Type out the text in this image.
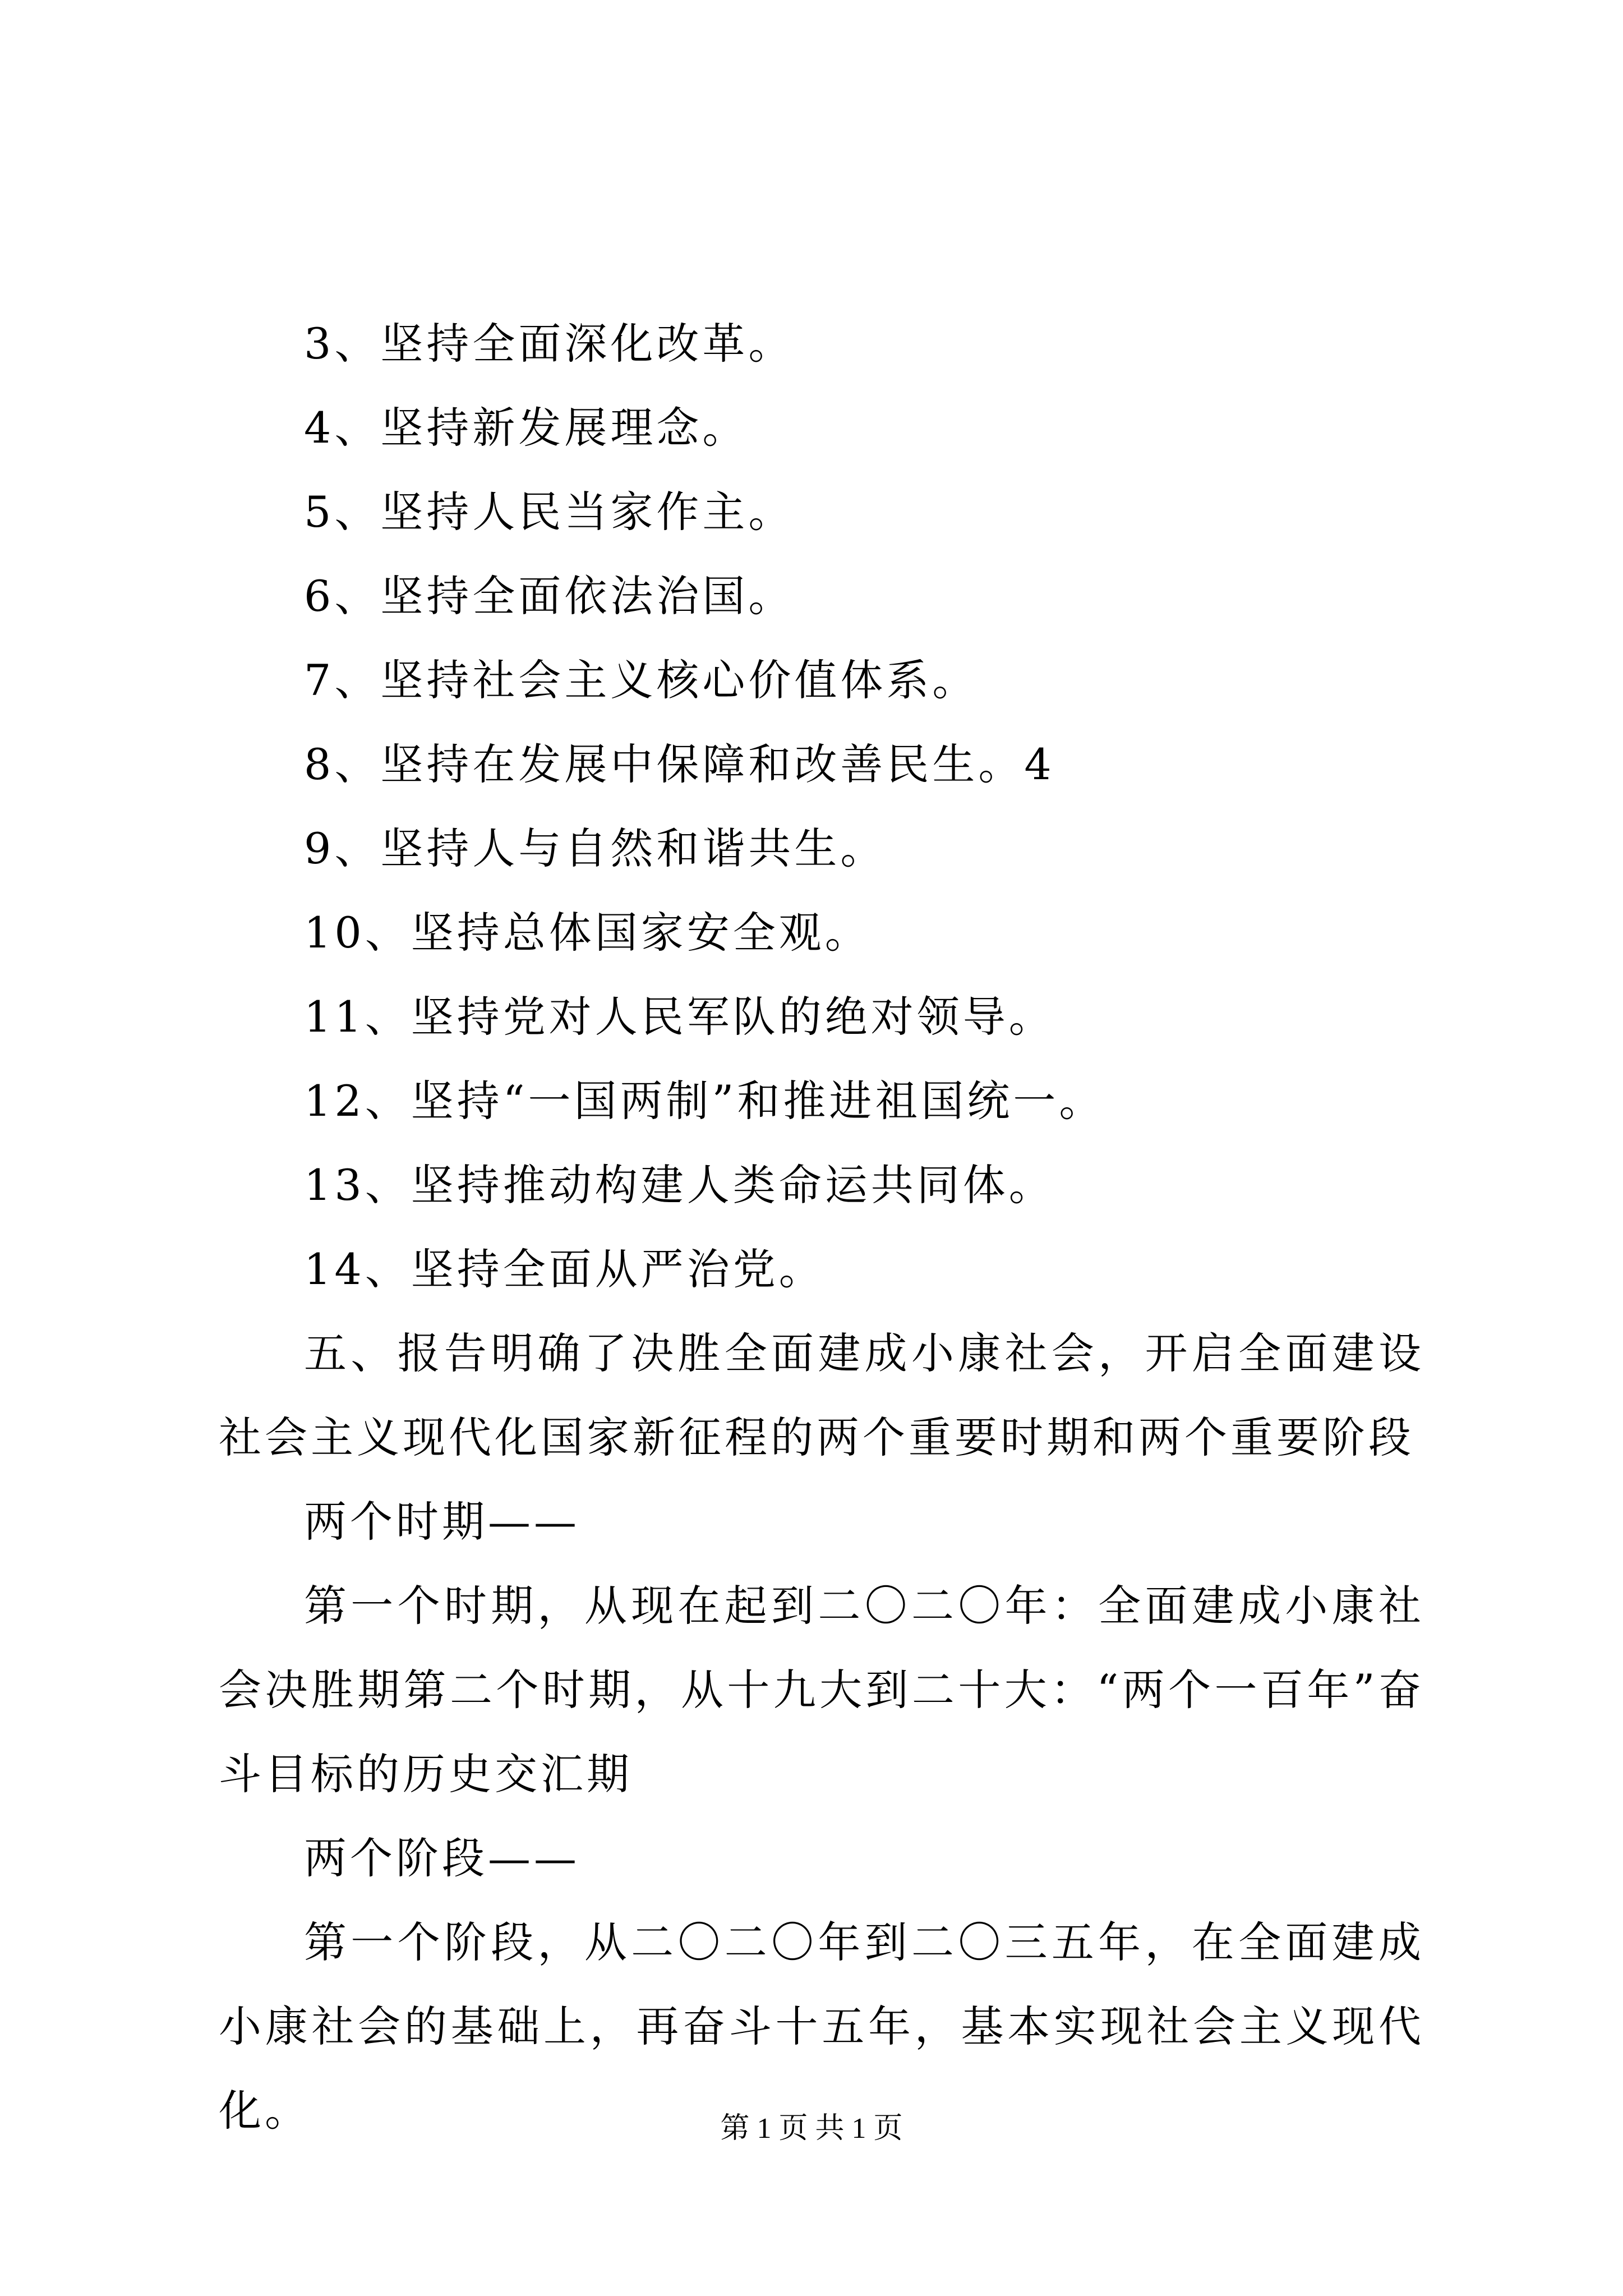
3、坚持全面深化改革。
4、坚持新发展理念。
5、坚持人民当家作主。
6、坚持全面依法治国。
7、坚持社会主义核心价值体系。
8、坚持在发展中保障和改善民生。4
9、坚持人与自然和谐共生。
10、坚持总体国家安全观。
11、坚持党对人民军队的绝对领导。
12、坚持“一国两制”和推进祖国统一。
13、坚持推动构建人类命运共同体。
14、坚持全面从严治党。
五、报告明确了决胜全面建成小康社会，开启全面建设社会主义现代化国家新征程的两个重要时期和两个重要阶段
两个时期——
第一个时期，从现在起到二〇二〇年：全面建成小康社会决胜期第二个时期，从十九大到二十大：“两个一百年”奋斗目标的历史交汇期
两个阶段——
第一个阶段，从二〇二〇年到二〇三五年，在全面建成小康社会的基础上，再奋斗十五年，基本实现社会主义现代化。	第 1 页 共 1 页
